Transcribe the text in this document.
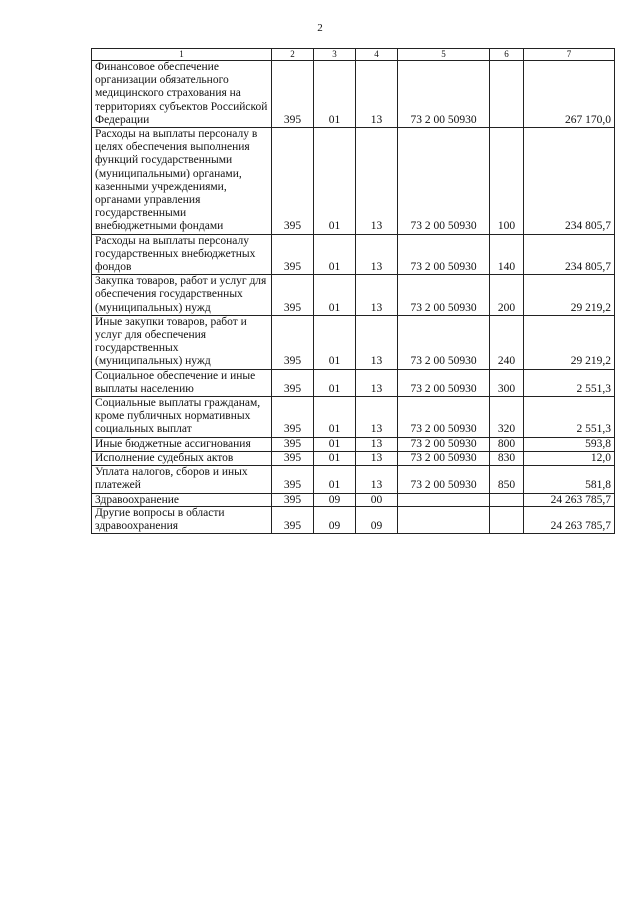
2
1	2	3	4	5	6	7
Финансовое обеспечение организации обязательного медицинского страхования на территориях субъектов Российской Федерации	395	01	13	73 2 00 50930		267 170,0
Расходы на выплаты персоналу в целях обеспечения выполнения функций государственными (муниципальными) органами, казенными учреждениями, органами управления государственными внебюджетными фондами	395	01	13	73 2 00 50930	100	234 805,7
Расходы на выплаты персоналу государственных внебюджетных фондов	395	01	13	73 2 00 50930	140	234 805,7
Закупка товаров, работ и услуг для обеспечения государственных (муниципальных) нужд	395	01	13	73 2 00 50930	200	29 219,2
Иные закупки товаров, работ и услуг для обеспечения государственных (муниципальных) нужд	395	01	13	73 2 00 50930	240	29 219,2
Социальное обеспечение и иные выплаты населению	395	01	13	73 2 00 50930	300	2 551,3
Социальные выплаты гражданам, кроме публичных нормативных социальных выплат	395	01	13	73 2 00 50930	320	2 551,3
Иные бюджетные ассигнования	395	01	13	73 2 00 50930	800	593,8
Исполнение судебных актов	395	01	13	73 2 00 50930	830	12,0
Уплата налогов, сборов и иных платежей	395	01	13	73 2 00 50930	850	581,8
Здравоохранение	395	09	00			24 263 785,7
Другие вопросы в области здравоохранения	395	09	09			24 263 785,7
